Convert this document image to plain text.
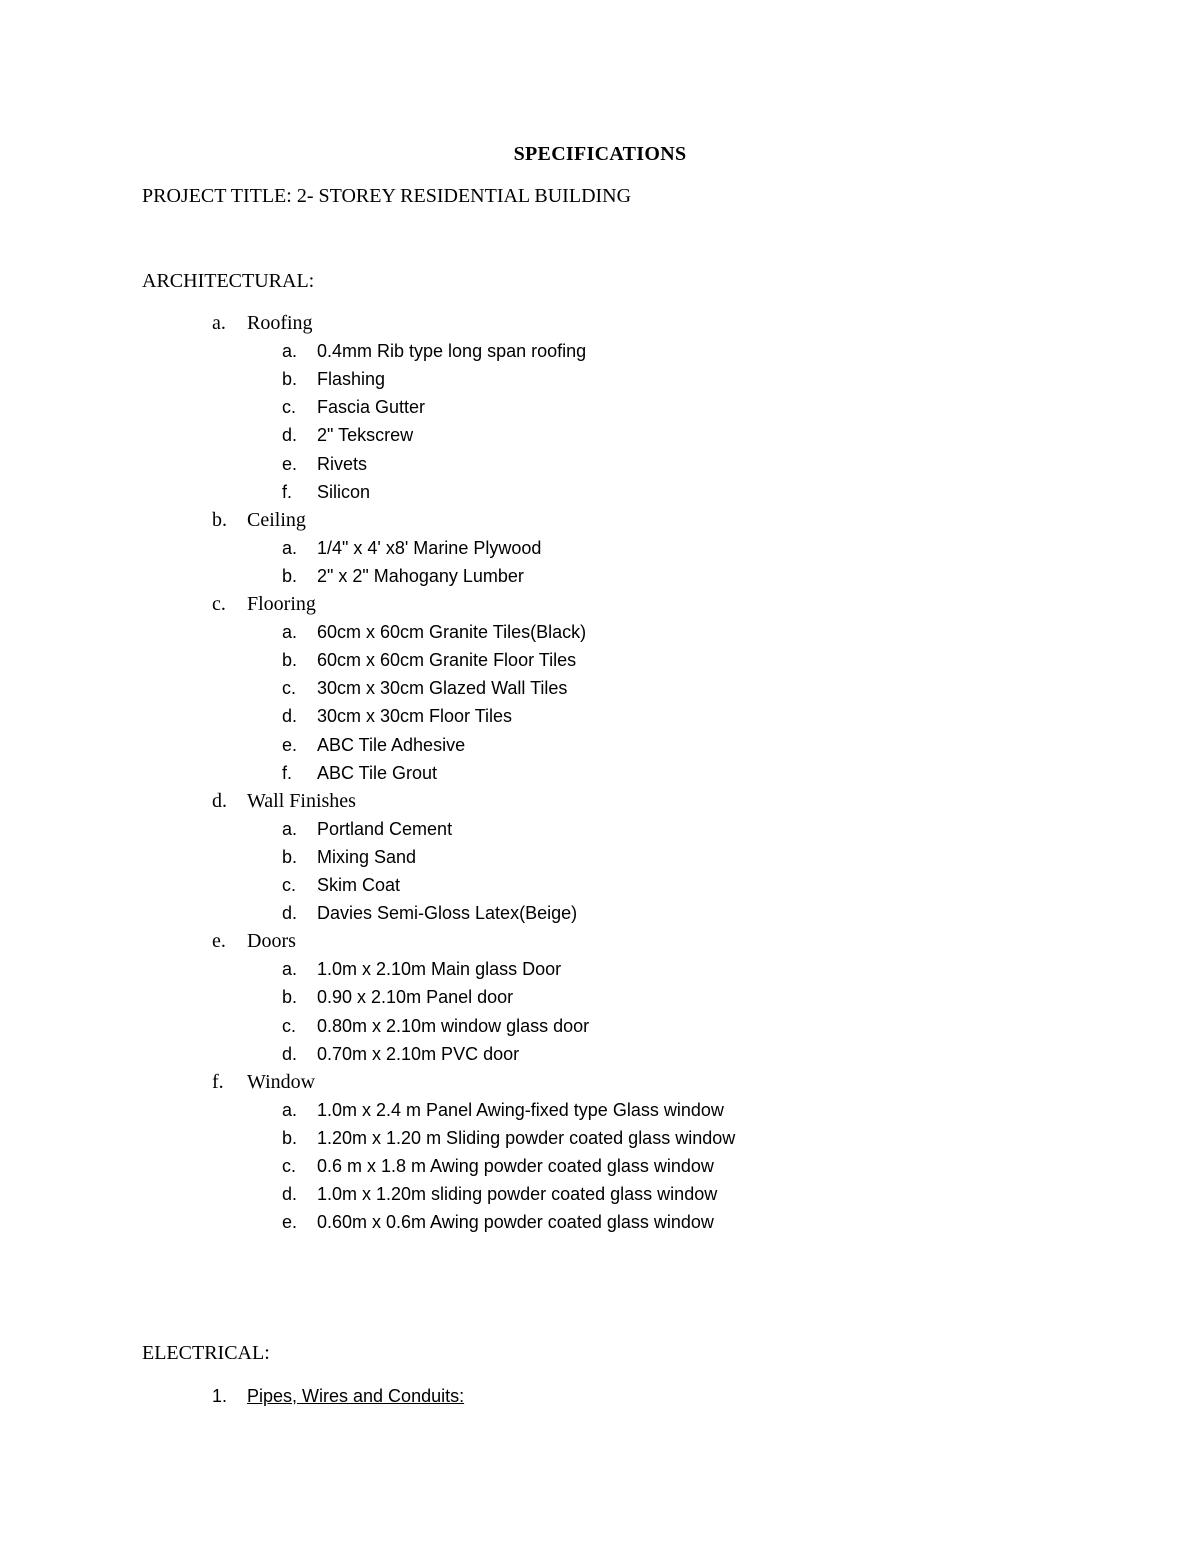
SPECIFICATIONS
PROJECT TITLE: 2- STOREY RESIDENTIAL BUILDING
ARCHITECTURAL:
a. Roofing
a. 0.4mm Rib type long span roofing
b. Flashing
c. Fascia Gutter
d. 2" Tekscrew
e. Rivets
f. Silicon
b. Ceiling
a. 1/4" x 4' x8' Marine Plywood
b. 2" x 2" Mahogany Lumber
c. Flooring
a. 60cm x 60cm Granite Tiles(Black)
b. 60cm x 60cm Granite Floor Tiles
c. 30cm x 30cm Glazed Wall Tiles
d. 30cm x 30cm Floor Tiles
e. ABC Tile Adhesive
f. ABC Tile Grout
d. Wall Finishes
a. Portland Cement
b. Mixing Sand
c. Skim Coat
d. Davies Semi-Gloss Latex(Beige)
e. Doors
a. 1.0m x 2.10m Main glass Door
b. 0.90 x 2.10m Panel door
c. 0.80m x 2.10m window glass door
d. 0.70m x 2.10m PVC door
f. Window
a. 1.0m x 2.4 m Panel Awing-fixed type Glass window
b. 1.20m x 1.20 m Sliding powder coated glass window
c. 0.6 m x 1.8 m Awing powder coated glass window
d. 1.0m x 1.20m sliding powder coated glass window
e. 0.60m x 0.6m Awing powder coated glass window
ELECTRICAL:
1. Pipes, Wires and Conduits:
